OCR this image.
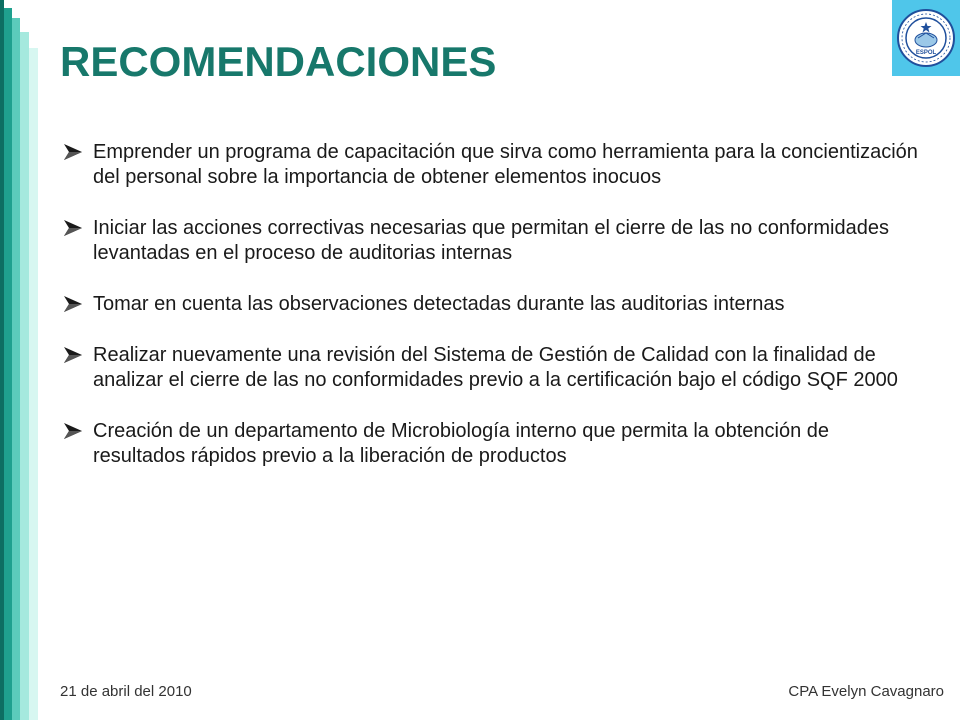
RECOMENDACIONES	ESPOL
Emprender un programa de capacitación que sirva como herramienta para la concientización del personal sobre la importancia de obtener elementos inocuos
Iniciar las acciones correctivas necesarias que permitan el cierre de las no conformidades levantadas en el proceso de auditorias internas
Tomar en cuenta las observaciones detectadas durante las auditorias internas
Realizar nuevamente una revisión del Sistema de Gestión de Calidad con la finalidad de analizar el cierre de las no conformidades previo a la certificación bajo el código SQF 2000
Creación de un departamento de Microbiología interno que permita la obtención de resultados rápidos previo a la liberación de productos
21 de abril del 2010	CPA Evelyn Cavagnaro
